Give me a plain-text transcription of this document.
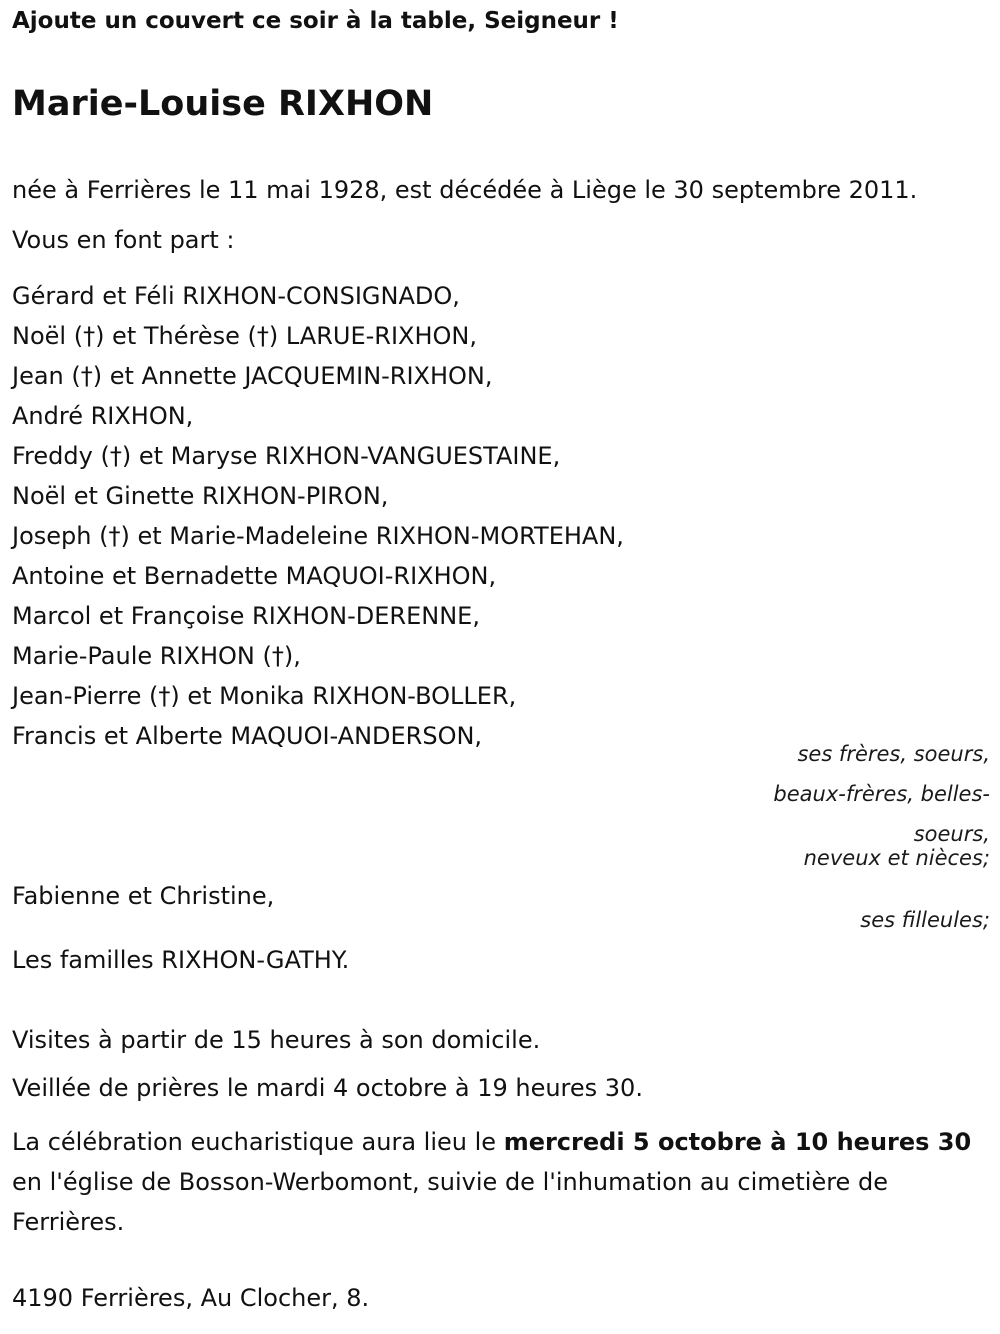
Ajoute un couvert ce soir à la table, Seigneur !
Marie-Louise RIXHON
née à Ferrières le 11 mai 1928, est décédée à Liège le 30 septembre 2011.
Vous en font part :
Gérard et Féli RIXHON-CONSIGNADO,
Noël (†) et Thérèse (†) LARUE-RIXHON,
Jean (†) et Annette JACQUEMIN-RIXHON,
André RIXHON,
Freddy (†) et Maryse RIXHON-VANGUESTAINE,
Noël et Ginette RIXHON-PIRON,
Joseph (†) et Marie-Madeleine RIXHON-MORTEHAN,
Antoine et Bernadette MAQUOI-RIXHON,
Marcol et Françoise RIXHON-DERENNE,
Marie-Paule RIXHON (†),
Jean-Pierre (†) et Monika RIXHON-BOLLER,
Francis et Alberte MAQUOI-ANDERSON,
ses frères, soeurs,
beaux-frères, belles-
soeurs,
neveux et nièces;
Fabienne et Christine,
ses filleules;
Les familles RIXHON-GATHY.
Visites à partir de 15 heures à son domicile.
Veillée de prières le mardi 4 octobre à 19 heures 30.

La célébration eucharistique aura lieu le mercredi 5 octobre à 10 heures 30 en l'église de Bosson-Werbomont, suivie de l'inhumation au cimetière de Ferrières.

4190 Ferrières, Au Clocher, 8.
